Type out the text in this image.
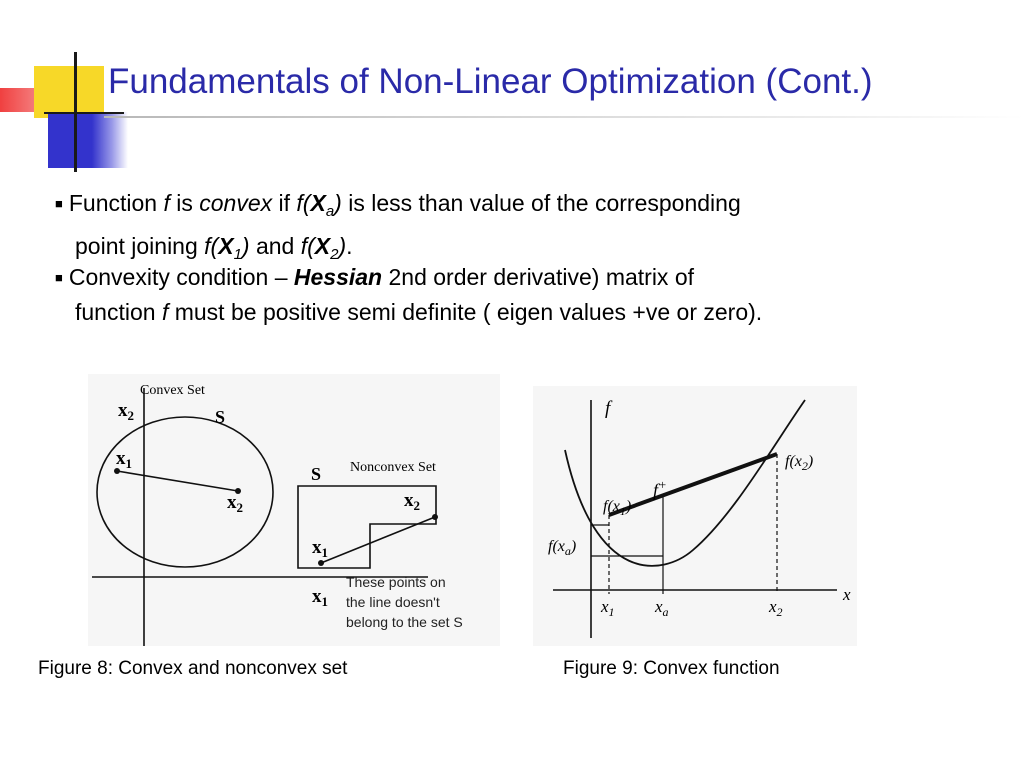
Fundamentals of Non-Linear Optimization (Cont.)
■ Function f is convex if $f(X_a)$ is less than value of the corresponding
point joining $f(X_1)$ and $f(X_2)$.
■ Convexity condition – Hessian 2nd order derivative) matrix of
function f must be positive semi definite ( eigen values +ve or zero).
Convex Set
S
$x_2$
$x_1$
$x_2$
Nonconvex Set
S
$x_2$
$x_1$
$x_1$
These points on
the line doesn't
belong to the set S
f
x
f+
$f(x_2)$
$f(x_1)$
$f(x_a)$
$x_1$ $x_a$	$x_2$
Figure 8: Convex and nonconvex set	Figure 9: Convex function
